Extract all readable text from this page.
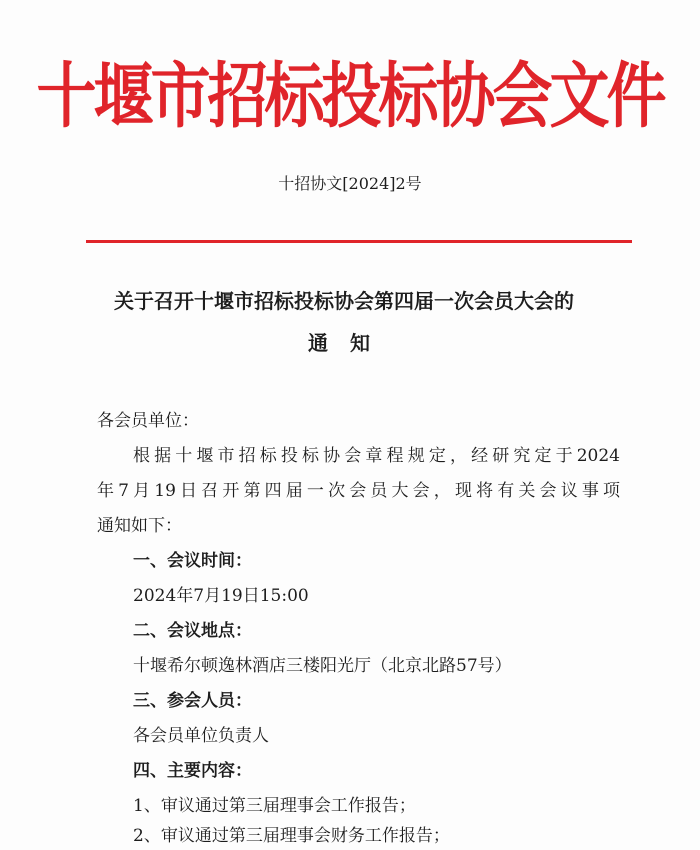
十堰市招标投标协会文件
十招协文[2024]2号
关于召开十堰市招标投标协会第四届一次会员大会的
通知
各会员单位：
根据十堰市招标投标协会章程规定，经研究定于2024
年7月19日召开第四届一次会员大会，现将有关会议事项
通知如下：
一、会议时间：
2024年7月19日15:00
二、会议地点：
十堰希尔顿逸林酒店三楼阳光厅（北京北路57号）
三、参会人员：
各会员单位负责人
四、主要内容：
1、审议通过第三届理事会工作报告；
2、审议通过第三届理事会财务工作报告；
